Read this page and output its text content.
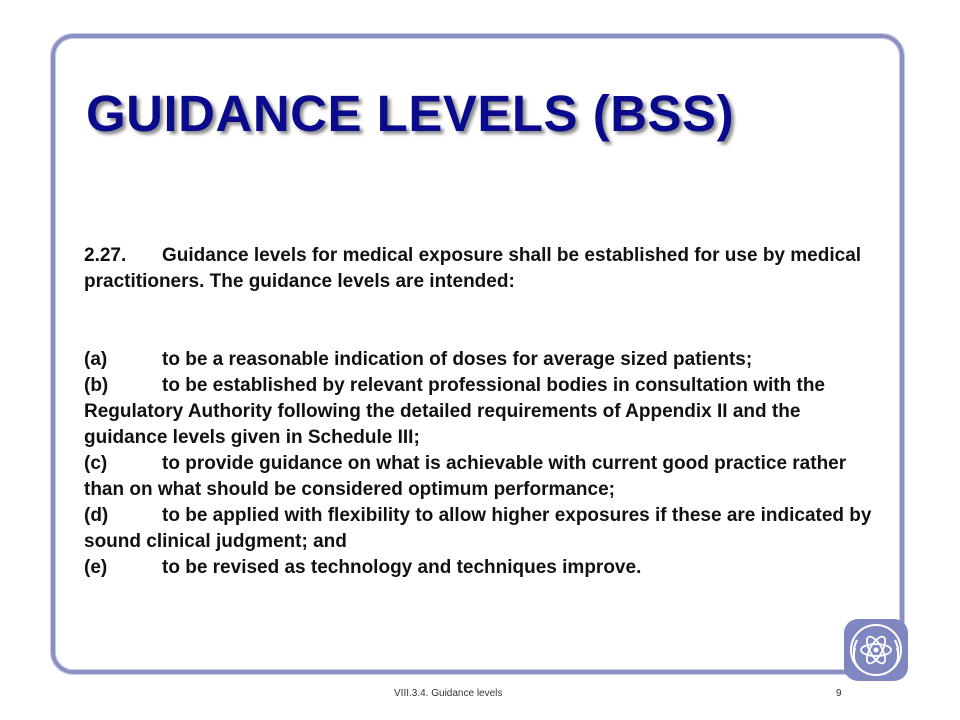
GUIDANCE LEVELS (BSS)

2.27. Guidance levels for medical exposure shall be established for use by medical practitioners. The guidance levels are intended:

(a)	to be a reasonable indication of doses for average sized patients;

(b)	to be established by relevant professional bodies in consultation with the Regulatory Authority following the detailed requirements of Appendix II and the guidance levels given in Schedule III;

(c)	to provide guidance on what is achievable with current good practice rather than on what should be considered optimum performance;

(d)	to be applied with flexibility to allow higher exposures if these are indicated by sound clinical judgment; and

(e)	to be revised as technology and techniques improve.

VIII.3.4. Guidance levels	9
